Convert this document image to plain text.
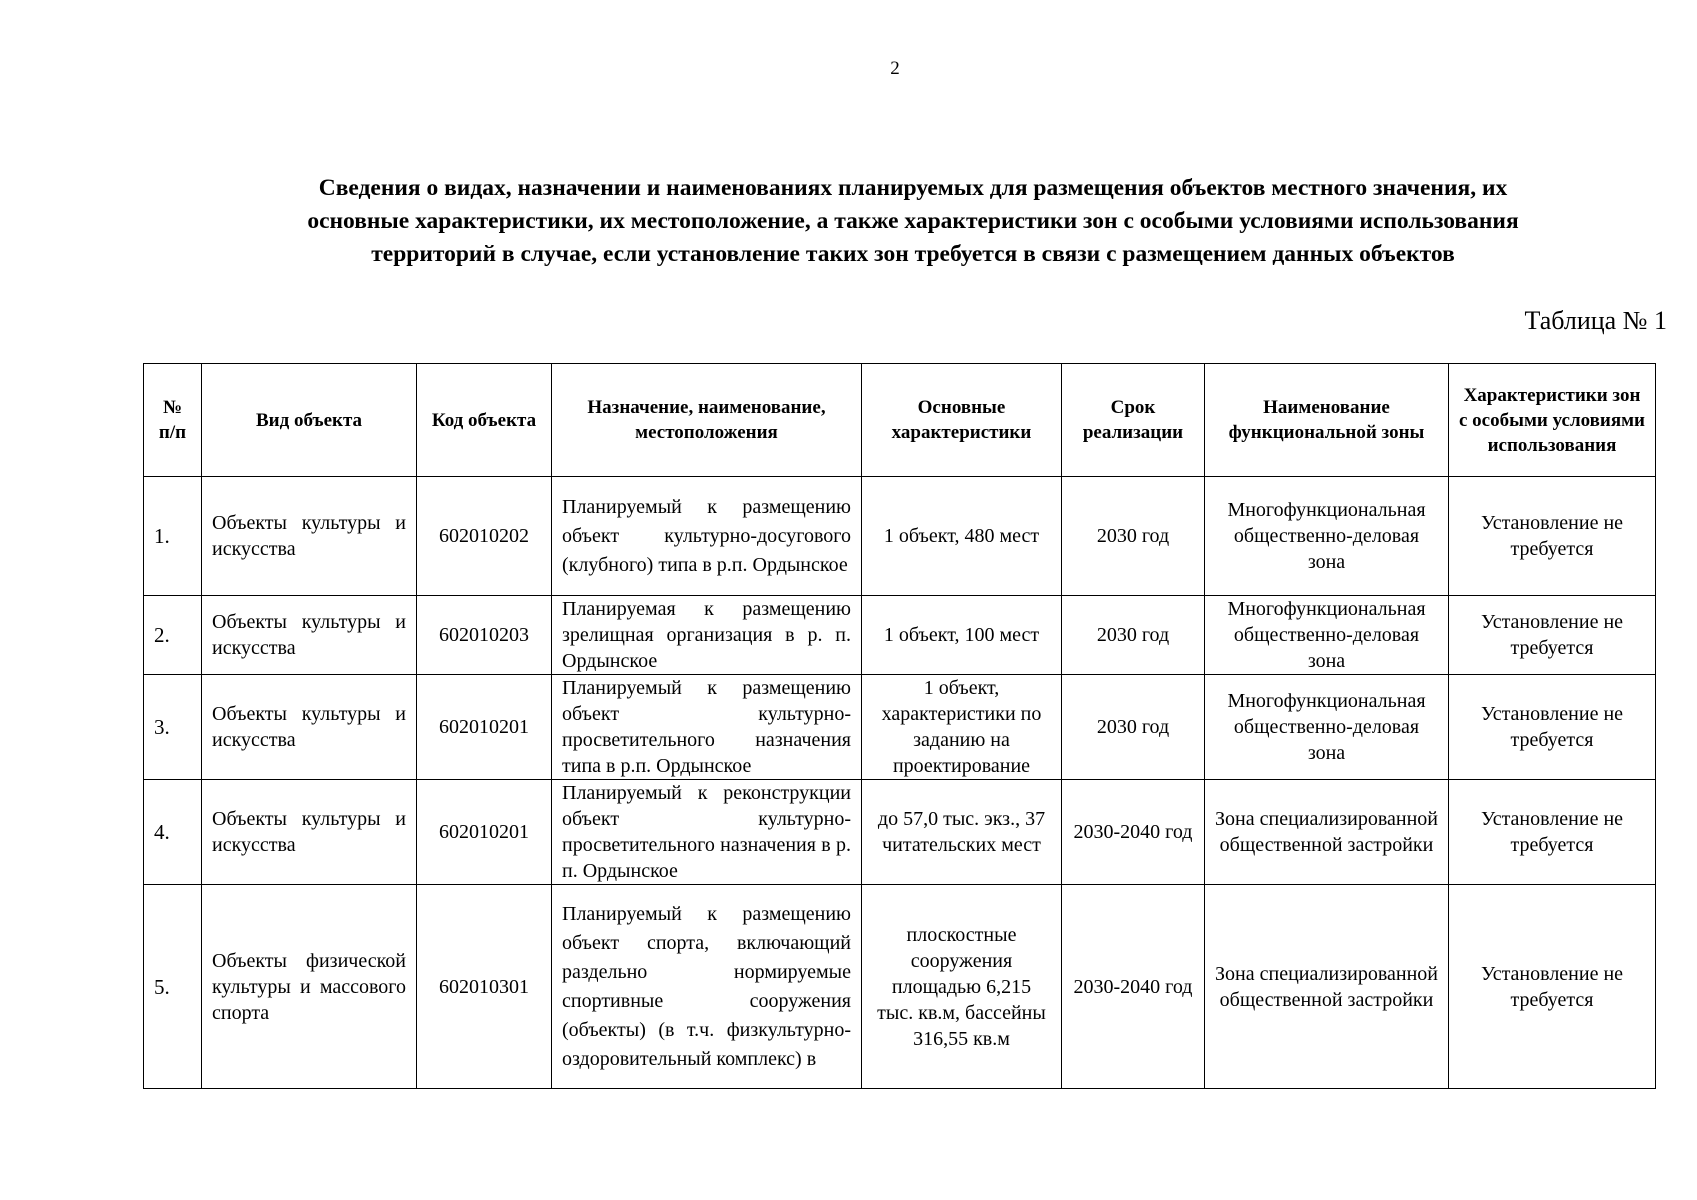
2
Сведения о видах, назначении и наименованиях планируемых для размещения объектов местного значения, их
основные характеристики, их местоположение, а также характеристики зон с особыми условиями использования
территорий в случае, если установление таких зон требуется в связи с размещением данных объектов
Таблица № 1
№ п/п	Вид объекта	Код объекта	Назначение, наименование, местоположения	Основные характеристики	Срок реализации	Наименование функциональной зоны	Характеристики зон с особыми условиями использования
1.	Объекты культуры и искусства	602010202	Планируемый к размещению объект культурно-досугового (клубного) типа в р.п. Ордынское	1 объект, 480 мест	2030 год	Многофункциональная общественно-деловая зона	Установление не требуется
2.	Объекты культуры и искусства	602010203	Планируемая к размещению зрелищная организация в р. п. Ордынское	1 объект, 100 мест	2030 год	Многофункциональная общественно-деловая зона	Установление не требуется
3.	Объекты культуры и искусства	602010201	Планируемый к размещению объект культурно-просветительного назначения типа в р.п. Ордынское	1 объект, характеристики по заданию на проектирование	2030 год	Многофункциональная общественно-деловая зона	Установление не требуется
4.	Объекты культуры и искусства	602010201	Планируемый к реконструкции объект культурно-просветительного назначения в р. п. Ордынское	до 57,0 тыс. экз., 37 читательских мест	2030-2040 год	Зона специализированной общественной застройки	Установление не требуется
5.	Объекты физической культуры и массового спорта	602010301	Планируемый к размещению объект спорта, включающий раздельно нормируемые спортивные сооружения (объекты) (в т.ч. физкультурно-оздоровительный комплекс) в	плоскостные сооружения площадью 6,215 тыс. кв.м, бассейны 316,55 кв.м	2030-2040 год	Зона специализированной общественной застройки	Установление не требуется
